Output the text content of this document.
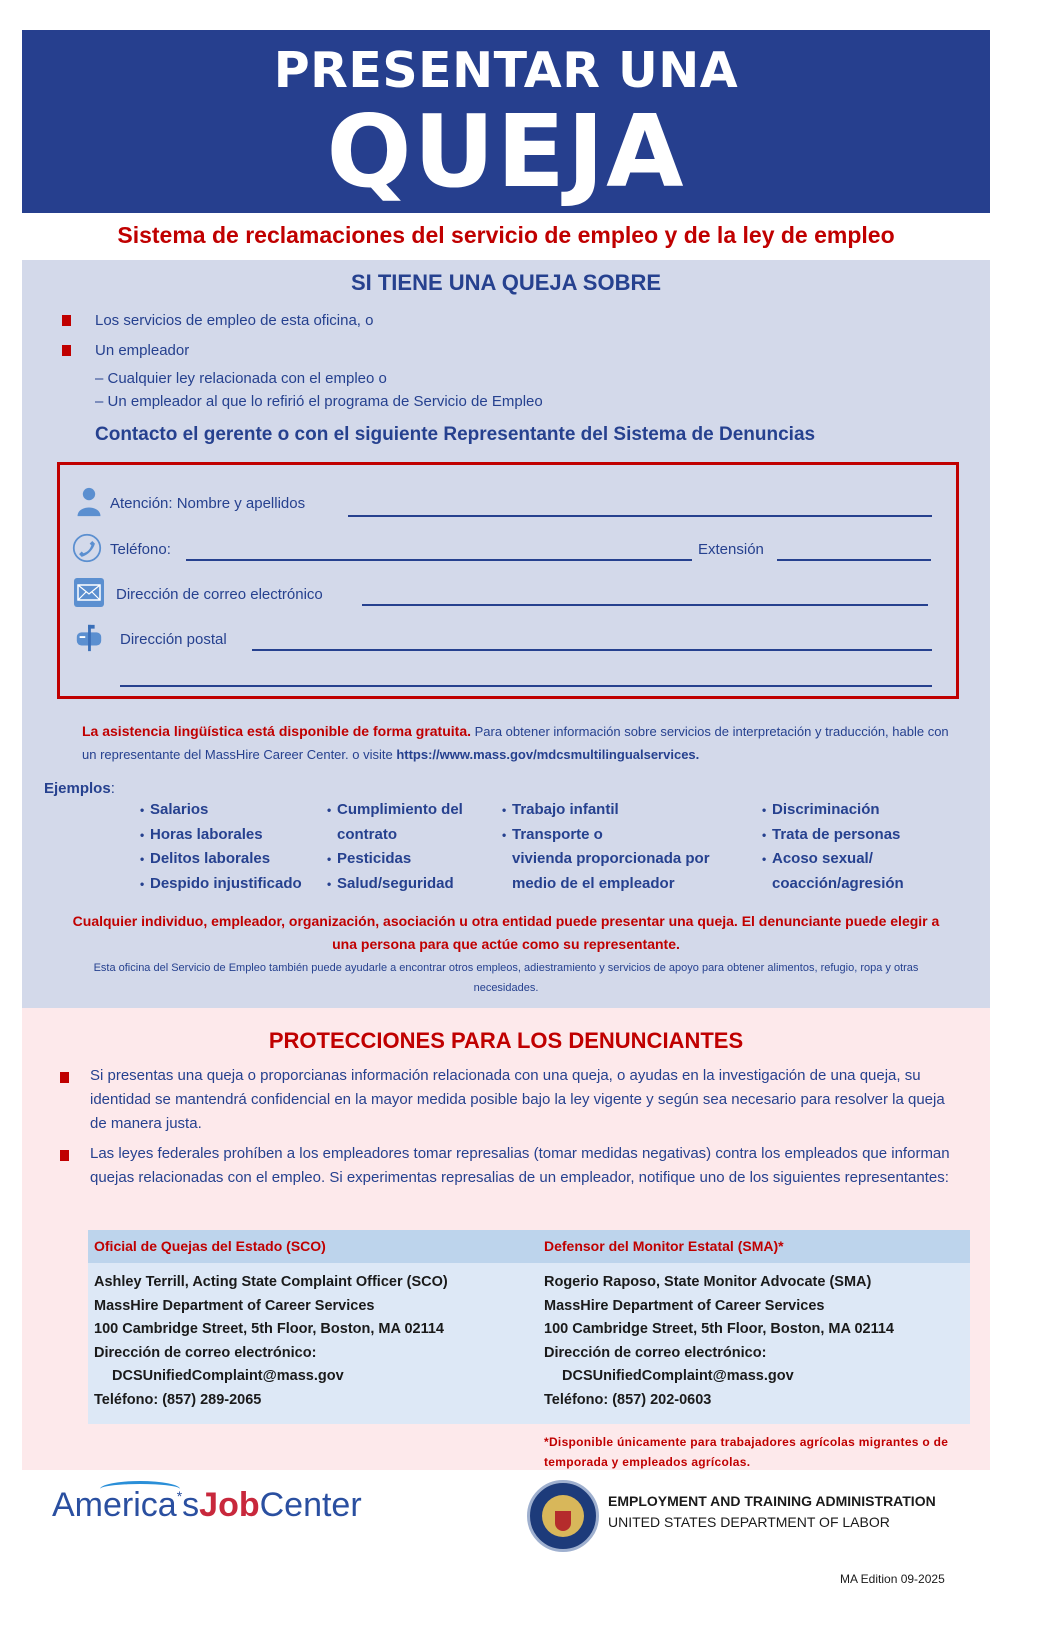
PRESENTAR UNA
QUEJA
Sistema de reclamaciones del servicio de empleo y de la ley de empleo
SI TIENE UNA QUEJA SOBRE
Los servicios de empleo de esta oficina, o
Un empleador
– Cualquier ley relacionada con el empleo o
– Un empleador al que lo refirió el programa de Servicio de Empleo
Contacto el gerente o con el siguiente Representante del Sistema de Denuncias
Atención: Nombre y apellidos
Teléfono:	Extensión
Dirección de correo electrónico
Dirección postal
La asistencia lingüística está disponible de forma gratuita. Para obtener información sobre servicios de interpretación y traducción, hable con un representante del MassHire Career Center. o visite https://www.mass.gov/mdcsmultilingualservices.
Ejemplos:
• Salarios
• Horas laborales
• Delitos laborales
• Despido injustificado
• Cumplimiento del
contrato
• Pesticidas
• Salud/seguridad
• Trabajo infantil
• Transporte o
vivienda proporcionada por
medio de el empleador
• Discriminación
• Trata de personas
• Acoso sexual/
coacción/agresión
Cualquier individuo, empleador, organización, asociación u otra entidad puede presentar una queja. El denunciante puede elegir a una persona para que actúe como su representante.
Esta oficina del Servicio de Empleo también puede ayudarle a encontrar otros empleos, adiestramiento y servicios de apoyo para obtener alimentos, refugio, ropa y otras necesidades.
PROTECCIONES PARA LOS DENUNCIANTES
Si presentas una queja o proporcianas información relacionada con una queja, o ayudas en la investigación de una queja, su identidad se mantendrá confidencial en la mayor medida posible bajo la ley vigente y según sea necesario para resolver la queja de manera justa.
Las leyes federales prohíben a los empleadores tomar represalias (tomar medidas negativas) contra los empleados que informan quejas relacionadas con el empleo. Si experimentas represalias de un empleador, notifique uno de los siguientes representantes:
Oficial de Quejas del Estado (SCO)
Ashley Terrill, Acting State Complaint Officer (SCO)
MassHire Department of Career Services
100 Cambridge Street, 5th Floor, Boston, MA 02114
Dirección de correo electrónico:
DCSUnifiedComplaint@mass.gov
Teléfono: (857) 289-2065
Defensor del Monitor Estatal (SMA)*
Rogerio Raposo, State Monitor Advocate (SMA)
MassHire Department of Career Services
100 Cambridge Street, 5th Floor, Boston, MA 02114
Dirección de correo electrónico:
DCSUnifiedComplaint@mass.gov
Teléfono: (857) 202-0603
*Disponible únicamente para trabajadores agrícolas migrantes o de temporada y empleados agrícolas.
America*sJobCenter	EMPLOYMENT AND TRAINING ADMINISTRATION
UNITED STATES DEPARTMENT OF LABOR
MA Edition 09-2025
